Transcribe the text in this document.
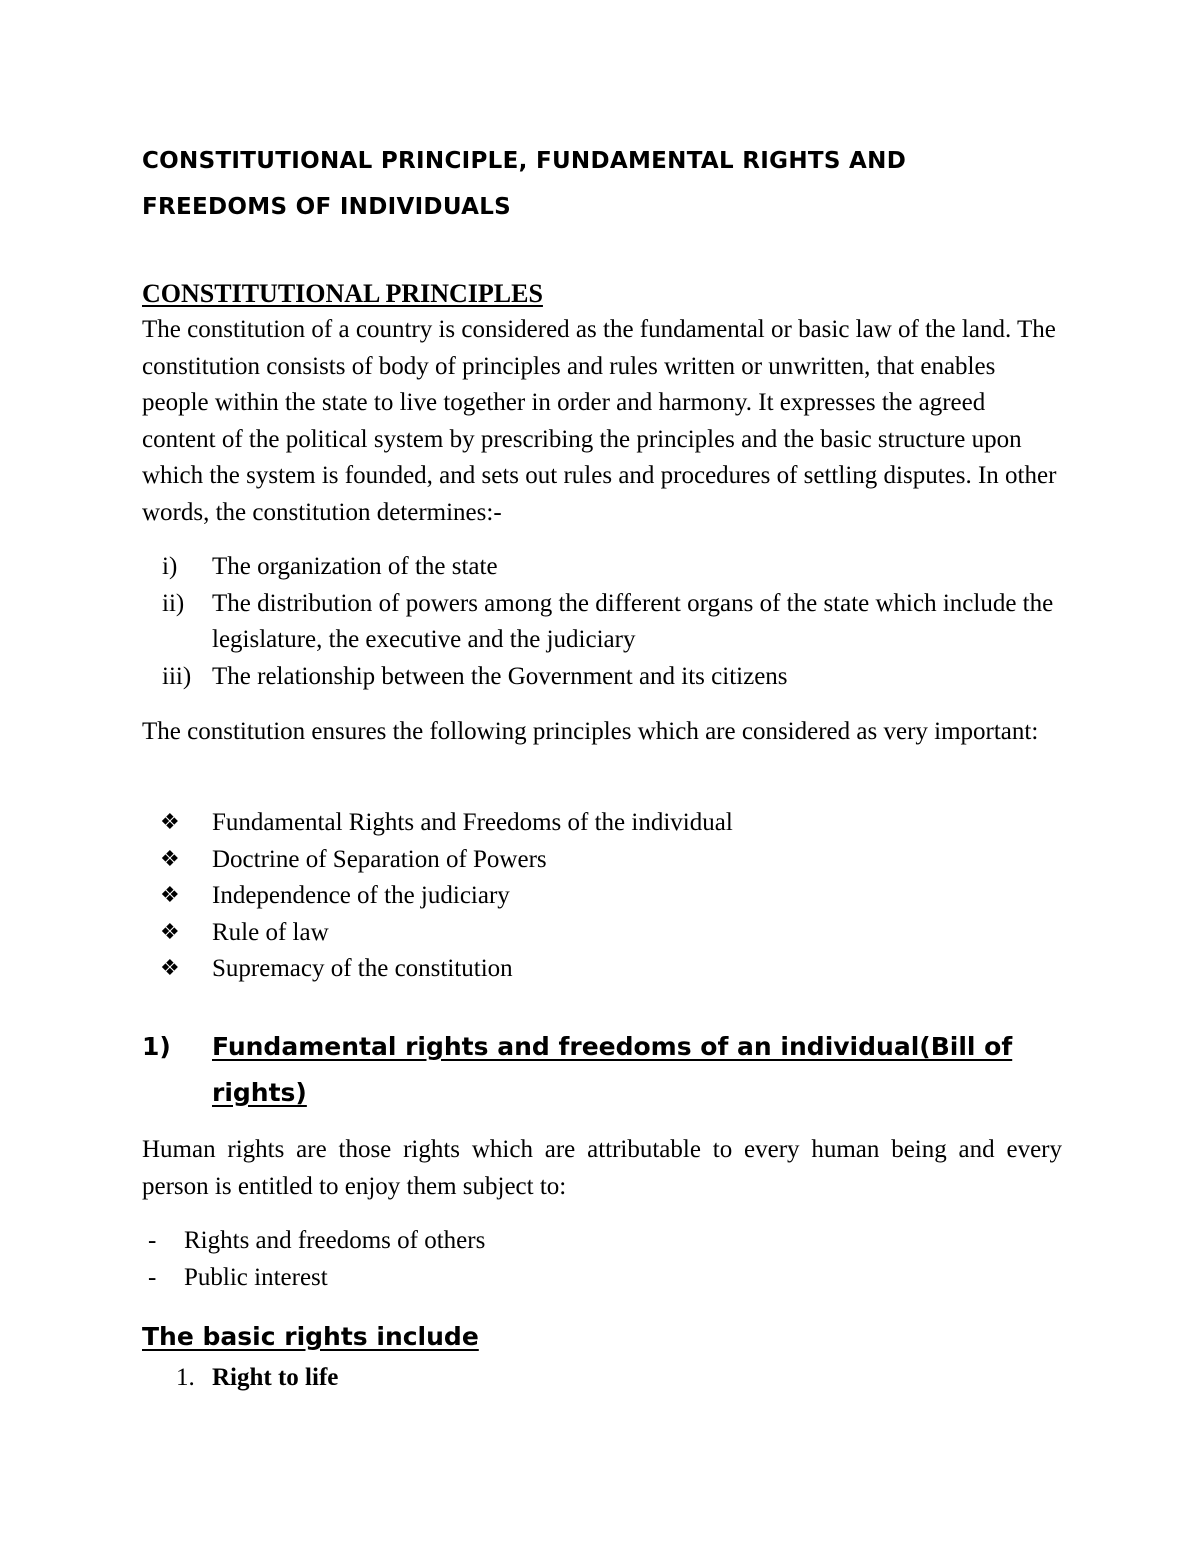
CONSTITUTIONAL PRINCIPLE, FUNDAMENTAL RIGHTS AND
FREEDOMS OF INDIVIDUALS
CONSTITUTIONAL PRINCIPLES

The constitution of a country is considered as the fundamental or basic law of the land. The constitution consists of body of principles and rules written or unwritten, that enables people within the state to live together in order and harmony. It expresses the agreed content of the political system by prescribing the principles and the basic structure upon which the system is founded, and sets out rules and procedures of settling disputes. In other words, the constitution determines:-

i) The organization of the state
ii) The distribution of powers among the different organs of the state which include the legislature, the executive and the judiciary
iii) The relationship between the Government and its citizens

The constitution ensures the following principles which are considered as very important:

❖ Fundamental Rights and Freedoms of the individual
❖ Doctrine of Separation of Powers
❖ Independence of the judiciary
❖ Rule of law
❖ Supremacy of the constitution
1) Fundamental rights and freedoms of an individual(Bill of
rights)

Human rights are those rights which are attributable to every human being and every person is entitled to enjoy them subject to:

- Rights and freedoms of others
- Public interest
The basic rights include
1. Right to life
